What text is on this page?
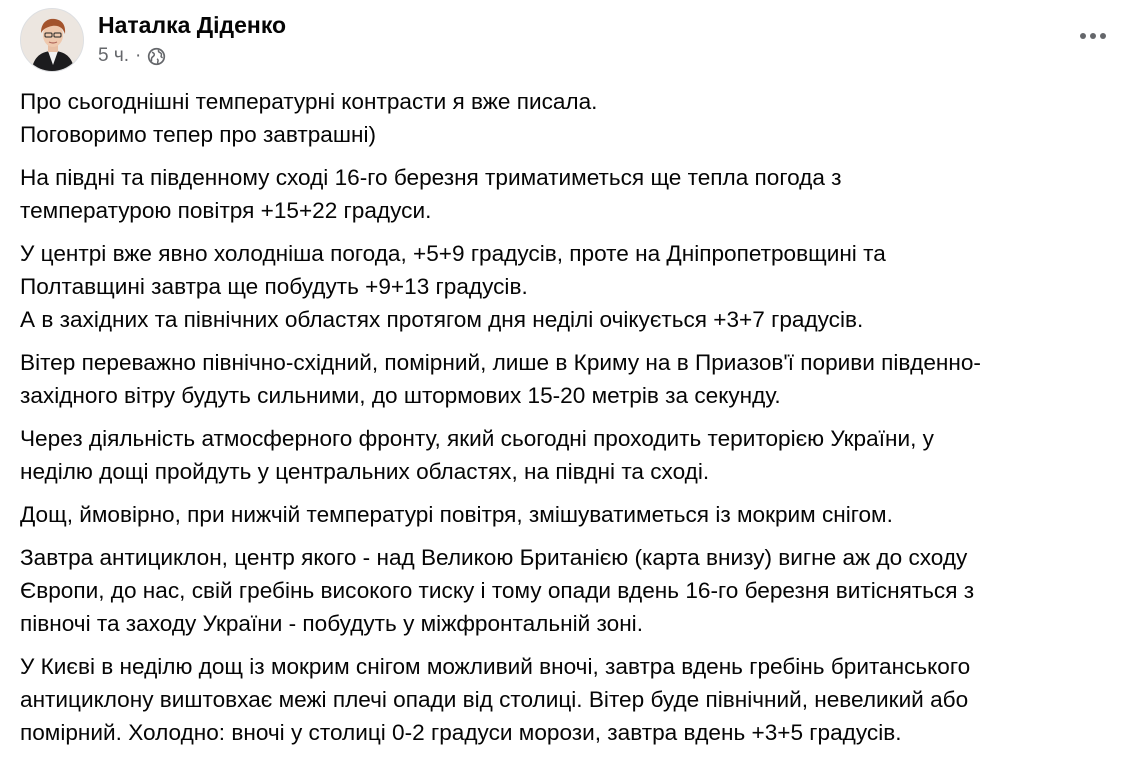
Наталка Діденко
5 ч. ·

Про сьогоднішні температурні контрасти я вже писала.
Поговоримо тепер про завтрашні)

На півдні та південному сході 16-го березня триматиметься ще тепла погода з
температурою повітря +15+22 градуси.

У центрі вже явно холодніша погода, +5+9 градусів, проте на Дніпропетровщині та
Полтавщині завтра ще побудуть +9+13 градусів.
А в західних та північних областях протягом дня неділі очікується +3+7 градусів.

Вітер переважно північно-східний, помірний, лише в Криму на в Приазов'ї пориви південно-
західного вітру будуть сильними, до штормових 15-20 метрів за секунду.

Через діяльність атмосферного фронту, який сьогодні проходить територією України, у
неділю дощі пройдуть у центральних областях, на півдні та сході.

Дощ, ймовірно, при нижчій температурі повітря, змішуватиметься із мокрим снігом.

Завтра антициклон, центр якого - над Великою Британією (карта внизу) вигне аж до сходу
Європи, до нас, свій гребінь високого тиску і тому опади вдень 16-го березня витісняться з
півночі та заходу України - побудуть у міжфронтальній зоні.

У Києві в неділю дощ із мокрим снігом можливий вночі, завтра вдень гребінь британського
антициклону виштовхає межі плечі опади від столиці. Вітер буде північний, невеликий або
помірний. Холодно: вночі у столиці 0-2 градуси морози, завтра вдень +3+5 градусів.
